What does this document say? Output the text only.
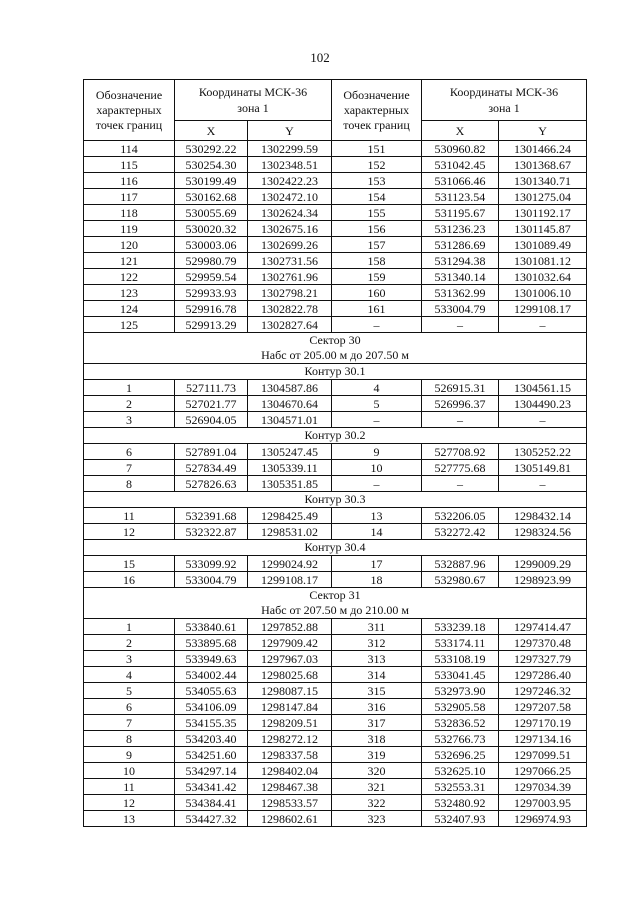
102
Обозначение
характерных
точек границ	Координаты МСК-36
зона 1		Обозначение
характерных
точек границ	Координаты МСК-36
зона 1	
	X	Y		X	Y
114	530292.22	1302299.59	151	530960.82	1301466.24
115	530254.30	1302348.51	152	531042.45	1301368.67
116	530199.49	1302422.23	153	531066.46	1301340.71
117	530162.68	1302472.10	154	531123.54	1301275.04
118	530055.69	1302624.34	155	531195.67	1301192.17
119	530020.32	1302675.16	156	531236.23	1301145.87
120	530003.06	1302699.26	157	531286.69	1301089.49
121	529980.79	1302731.56	158	531294.38	1301081.12
122	529959.54	1302761.96	159	531340.14	1301032.64
123	529933.93	1302798.21	160	531362.99	1301006.10
124	529916.78	1302822.78	161	533004.79	1299108.17
125	529913.29	1302827.64	–	–	–
Сектор 30
Набс от 205.00 м до 207.50 м					
Контур 30.1					
1	527111.73	1304587.86	4	526915.31	1304561.15
2	527021.77	1304670.64	5	526996.37	1304490.23
3	526904.05	1304571.01	–	–	–
Контур 30.2					
6	527891.04	1305247.45	9	527708.92	1305252.22
7	527834.49	1305339.11	10	527775.68	1305149.81
8	527826.63	1305351.85	–	–	–
Контур 30.3					
11	532391.68	1298425.49	13	532206.05	1298432.14
12	532322.87	1298531.02	14	532272.42	1298324.56
Контур 30.4					
15	533099.92	1299024.92	17	532887.96	1299009.29
16	533004.79	1299108.17	18	532980.67	1298923.99
Сектор 31
Набс от 207.50 м до 210.00 м					
1	533840.61	1297852.88	311	533239.18	1297414.47
2	533895.68	1297909.42	312	533174.11	1297370.48
3	533949.63	1297967.03	313	533108.19	1297327.79
4	534002.44	1298025.68	314	533041.45	1297286.40
5	534055.63	1298087.15	315	532973.90	1297246.32
6	534106.09	1298147.84	316	532905.58	1297207.58
7	534155.35	1298209.51	317	532836.52	1297170.19
8	534203.40	1298272.12	318	532766.73	1297134.16
9	534251.60	1298337.58	319	532696.25	1297099.51
10	534297.14	1298402.04	320	532625.10	1297066.25
11	534341.42	1298467.38	321	532553.31	1297034.39
12	534384.41	1298533.57	322	532480.92	1297003.95
13	534427.32	1298602.61	323	532407.93	1296974.93
